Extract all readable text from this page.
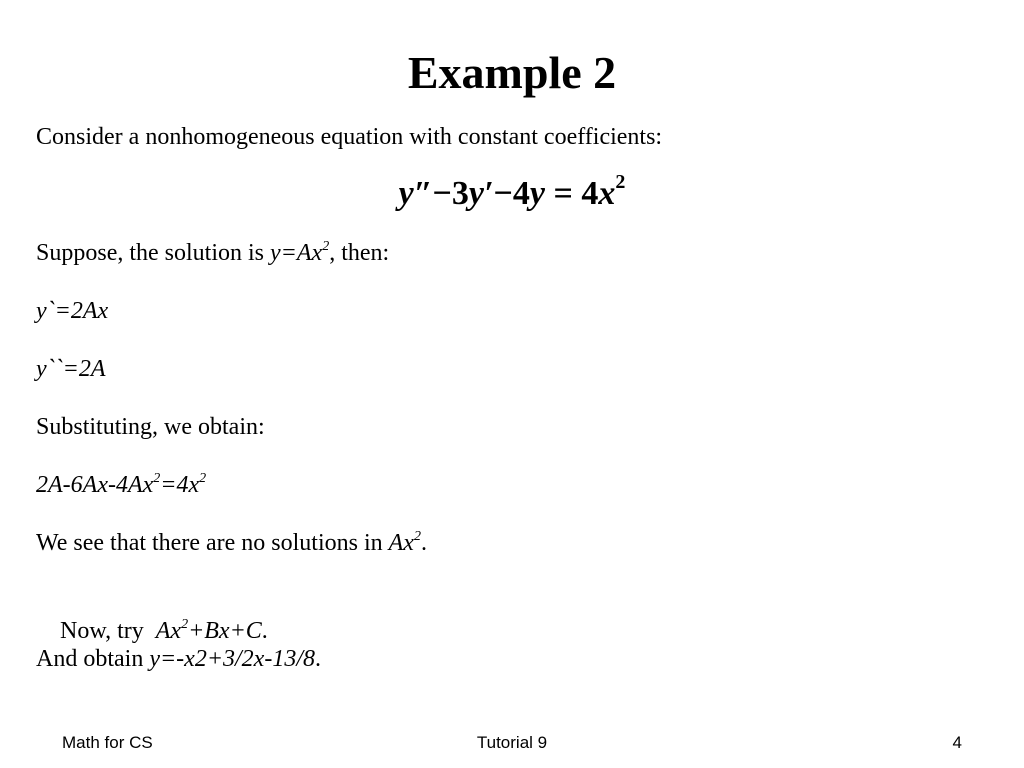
Example 2
Consider a nonhomogeneous equation with constant coefficients:
$y''-3y'-4y = 4x^2$
Suppose, the solution is $y=Ax^2$, then:
y`=2Ax
y``=2A
Substituting, we obtain:
$2A-6Ax-4Ax^2=4x^2$
We see that there are no solutions in Ax$^2$.

Now, try  $Ax^2+Bx+C$.

And obtain y=-x2+3/2x-13/8.
Math for CS	Tutorial 9	4
